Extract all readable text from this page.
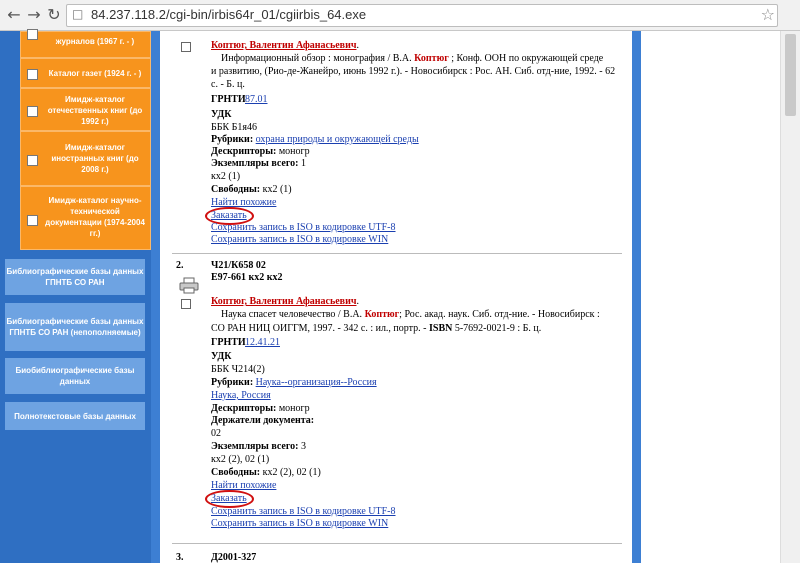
← → ↻ □ 84.237.118.2/cgi-bin/irbis64r_01/cgiirbis_64.exe	☆
журналов (1967 г. - )
Каталог газет (1924 г. - )
Имидж-каталог отечественных книг (до 1992 г.)
Имидж-каталог иностранных книг (до 2008 г.)
Имидж-каталог научно-технической документации (1974-2004 гг.)
Библиографические базы данных ГПНТБ СО РАН
Библиографические базы данных ГПНТБ СО РАН (непополняемые)
Биобиблиографические базы данных
Полнотекстовые базы данных
Коптюг, Валентин Афанасьевич.
Информационный обзор : монография / В.А. Коптюг ; Конф. ООН по окружающей среде
и развитию, (Рио-де-Жанейро, июнь 1992 г.). - Новосибирск : Рос. АН. Сиб. отд-ние, 1992. - 62
с. - Б. ц.
ГРНТИ 87.01
УДК
ББК Б1я46
Рубрики: охрана природы и окружающей среды
Дескрипторы: моногр
Экземпляры всего: 1
кх2 (1)
Свободны: кх2 (1)
Найти похожие
Заказать
Сохранить запись в ISO в кодировке UTF-8
Сохранить запись в ISO в кодировке WIN
2.	Ч21/К658 02
Е97-661 кх2 кх2
Коптюг, Валентин Афанасьевич.
Наука спасет человечество / В.А. Коптюг; Рос. акад. наук. Сиб. отд-ние. - Новосибирск :
СО РАН НИЦ ОИГГМ, 1997. - 342 с. : ил., портр. - ISBN 5-7692-0021-9 : Б. ц.
ГРНТИ 12.41.21
УДК
ББК Ч214(2)
Рубрики: Наука--организация--Россия
Наука, Россия
Дескрипторы: моногр
Держатели документа:
02
Экземпляры всего: 3
кх2 (2), 02 (1)
Свободны: кх2 (2), 02 (1)
Найти похожие
Заказать
Сохранить запись в ISO в кодировке UTF-8
Сохранить запись в ISO в кодировке WIN
3.	Д2001-327
